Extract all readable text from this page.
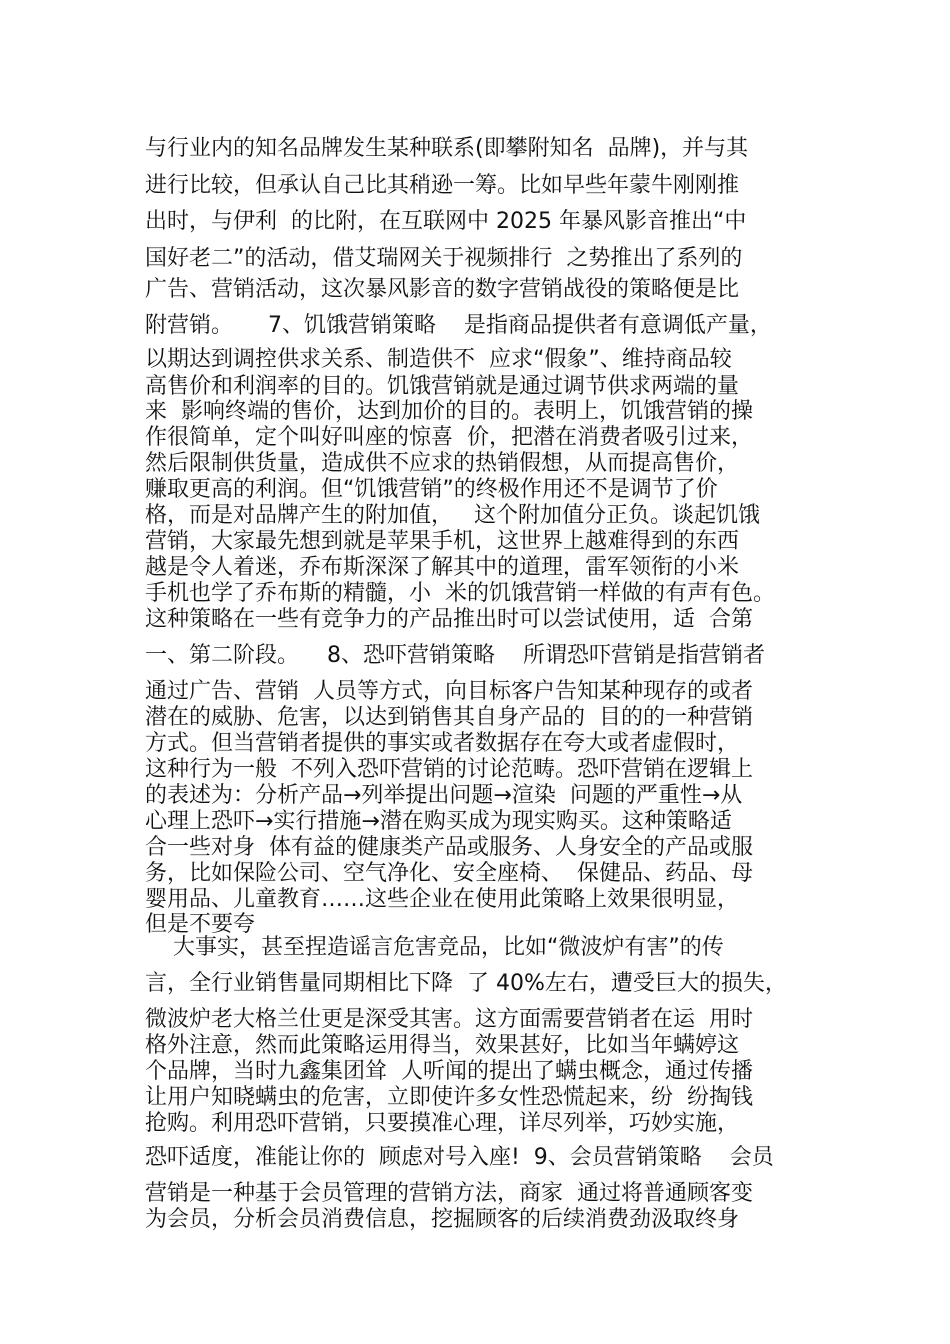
与行业内的知名品牌发生某种联系(即攀附知名  品牌)，并与其

进行比较，但承认自己比其稍逊一筹。比如早些年蒙牛刚刚推

出时，与伊利  的比附，在互联网中 2025 年暴风影音推出“中

国好老二”的活动，借艾瑞网关于视频排行  之势推出了系列的

广告、营销活动，这次暴风影音的数字营销战役的策略便是比

附营销。     7、饥饿营销策略    是指商品提供者有意调低产量，

以期达到调控供求关系、制造供不  应求“假象”、维持商品较

高售价和利润率的目的。饥饿营销就是通过调节供求两端的量

来  影响终端的售价，达到加价的目的。表明上，饥饿营销的操

作很简单，定个叫好叫座的惊喜  价，把潜在消费者吸引过来，

然后限制供货量，造成供不应求的热销假想，从而提高售价，

赚取更高的利润。但“饥饿营销”的终极作用还不是调节了价

格，而是对品牌产生的附加值，   这个附加值分正负。谈起饥饿

营销，大家最先想到就是苹果手机，这世界上越难得到的东西

越是令人着迷，乔布斯深深了解其中的道理，雷军领衔的小米

手机也学了乔布斯的精髓，小  米的饥饿营销一样做的有声有色。

这种策略在一些有竞争力的产品推出时可以尝试使用，适  合第

一、第二阶段。    8、恐吓营销策略    所谓恐吓营销是指营销者

通过广告、营销  人员等方式，向目标客户告知某种现存的或者

潜在的威胁、危害，以达到销售其自身产品的  目的的一种营销

方式。但当营销者提供的事实或者数据存在夸大或者虚假时，

这种行为一般  不列入恐吓营销的讨论范畴。恐吓营销在逻辑上

的表述为：分析产品→列举提出问题→渲染  问题的严重性→从

心理上恐吓→实行措施→潜在购买成为现实购买。这种策略适

合一些对身  体有益的健康类产品或服务、人身安全的产品或服

务，比如保险公司、空气净化、安全座椅、  保健品、药品、母

婴用品、儿童教育……这些企业在使用此策略上效果很明显，

但是不要夸

大事实，甚至捏造谣言危害竞品，比如“微波炉有害”的传

言，全行业销售量同期相比下降  了 40%左右，遭受巨大的损失，

微波炉老大格兰仕更是深受其害。这方面需要营销者在运  用时

格外注意，然而此策略运用得当，效果甚好，比如当年螨婷这

个品牌，当时九鑫集团耸  人听闻的提出了螨虫概念，通过传播

让用户知晓螨虫的危害，立即使许多女性恐慌起来，纷  纷掏钱

抢购。利用恐吓营销，只要摸准心理，详尽列举，巧妙实施，

恐吓适度，准能让你的  顾虑对号入座!  9、会员营销策略    会员

营销是一种基于会员管理的营销方法，商家  通过将普通顾客变

为会员，分析会员消费信息，挖掘顾客的后续消费劲汲取终身
